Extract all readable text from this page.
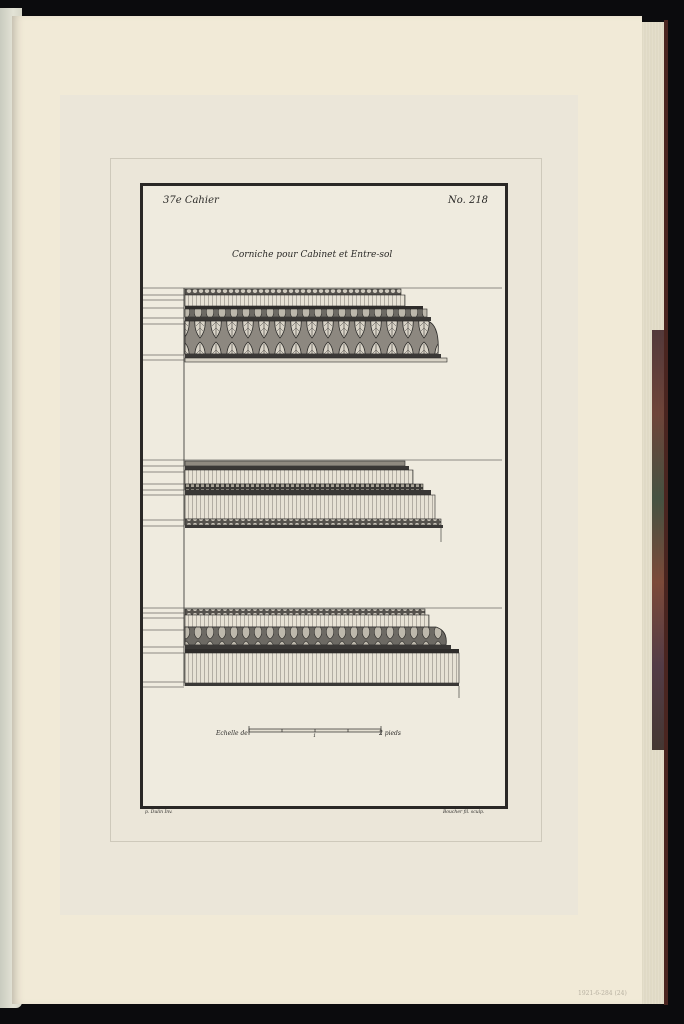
37e Cahier	No. 218
Corniche pour Cabinet et Entre-sol
Echelle de	1	2 pieds
p. Dulin Inv.	Boucher fil. sculp.
1921-6-284 (24)
